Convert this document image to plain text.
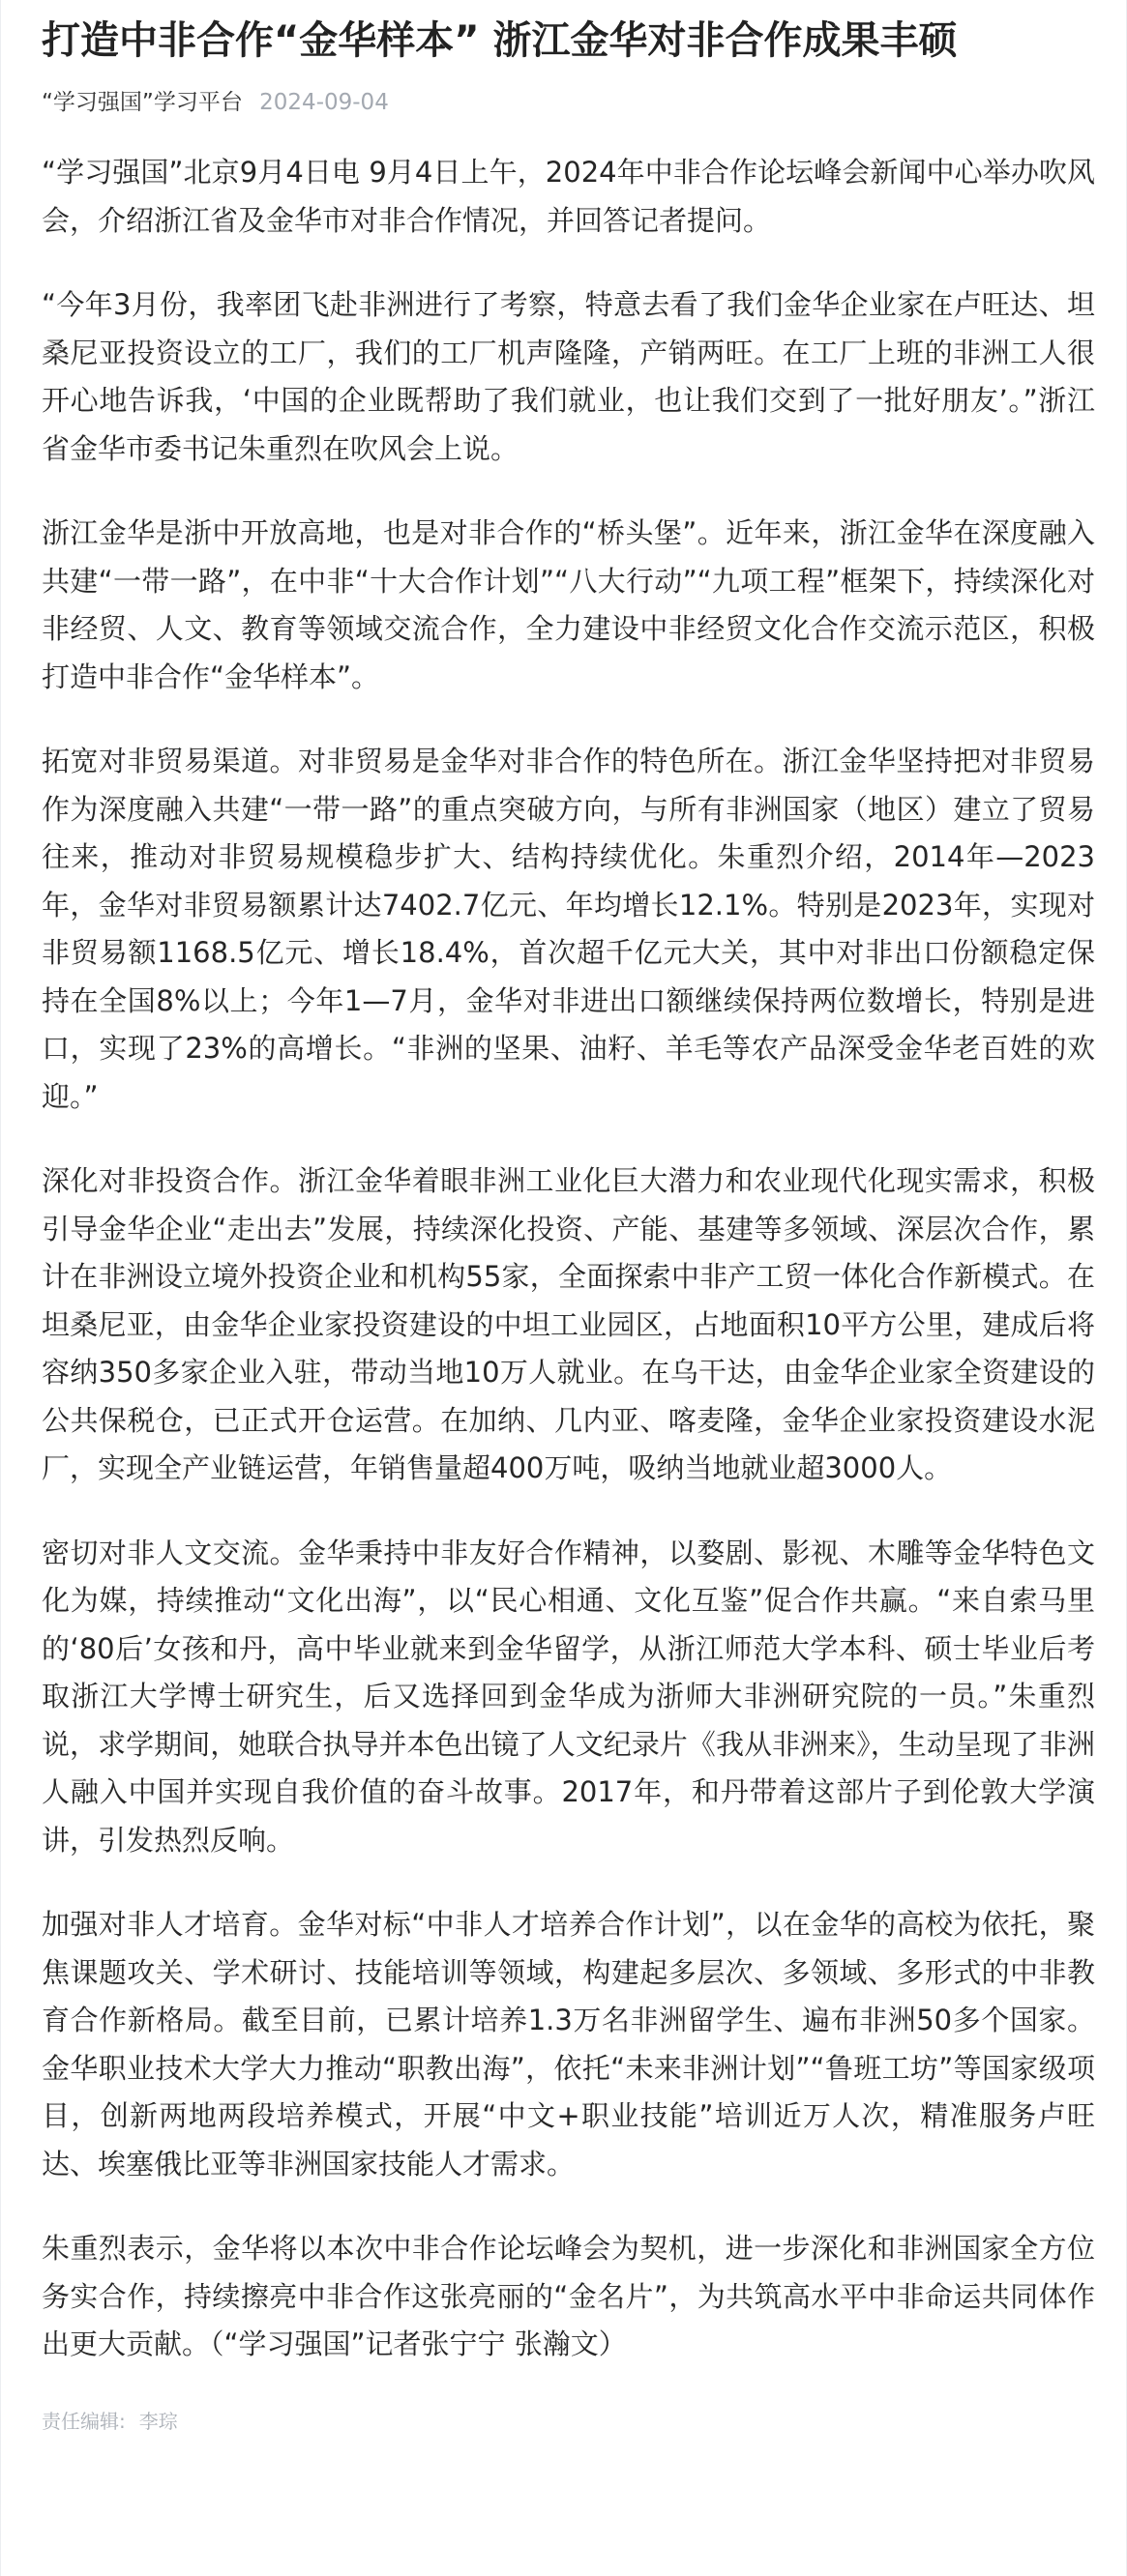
打造中非合作“金华样本” 浙江金华对非合作成果丰硕
“学习强国”学习平台 2024-09-04

“学习强国”北京9月4日电 9月4日上午，2024年中非合作论坛峰会新闻中心举办吹风会，介绍浙江省及金华市对非合作情况，并回答记者提问。

“今年3月份，我率团飞赴非洲进行了考察，特意去看了我们金华企业家在卢旺达、坦桑尼亚投资设立的工厂，我们的工厂机声隆隆，产销两旺。在工厂上班的非洲工人很开心地告诉我，‘中国的企业既帮助了我们就业，也让我们交到了一批好朋友’。”浙江省金华市委书记朱重烈在吹风会上说。

浙江金华是浙中开放高地，也是对非合作的“桥头堡”。近年来，浙江金华在深度融入共建“一带一路”，在中非“十大合作计划”“八大行动”“九项工程”框架下，持续深化对非经贸、人文、教育等领域交流合作，全力建设中非经贸文化合作交流示范区，积极打造中非合作“金华样本”。

拓宽对非贸易渠道。对非贸易是金华对非合作的特色所在。浙江金华坚持把对非贸易作为深度融入共建“一带一路”的重点突破方向，与所有非洲国家（地区）建立了贸易往来，推动对非贸易规模稳步扩大、结构持续优化。朱重烈介绍，2014年—2023年，金华对非贸易额累计达7402.7亿元、年均增长12.1%。特别是2023年，实现对非贸易额1168.5亿元、增长18.4%，首次超千亿元大关，其中对非出口份额稳定保持在全国8%以上；今年1—7月，金华对非进出口额继续保持两位数增长，特别是进口，实现了23%的高增长。“非洲的坚果、油籽、羊毛等农产品深受金华老百姓的欢迎。”

深化对非投资合作。浙江金华着眼非洲工业化巨大潜力和农业现代化现实需求，积极引导金华企业“走出去”发展，持续深化投资、产能、基建等多领域、深层次合作，累计在非洲设立境外投资企业和机构55家，全面探索中非产工贸一体化合作新模式。在坦桑尼亚，由金华企业家投资建设的中坦工业园区，占地面积10平方公里，建成后将容纳350多家企业入驻，带动当地10万人就业。在乌干达，由金华企业家全资建设的公共保税仓，已正式开仓运营。在加纳、几内亚、喀麦隆，金华企业家投资建设水泥厂，实现全产业链运营，年销售量超400万吨，吸纳当地就业超3000人。

密切对非人文交流。金华秉持中非友好合作精神，以婺剧、影视、木雕等金华特色文化为媒，持续推动“文化出海”，以“民心相通、文化互鉴”促合作共赢。“来自索马里的‘80后’女孩和丹，高中毕业就来到金华留学，从浙江师范大学本科、硕士毕业后考取浙江大学博士研究生，后又选择回到金华成为浙师大非洲研究院的一员。”朱重烈说，求学期间，她联合执导并本色出镜了人文纪录片《我从非洲来》，生动呈现了非洲人融入中国并实现自我价值的奋斗故事。2017年，和丹带着这部片子到伦敦大学演讲，引发热烈反响。

加强对非人才培育。金华对标“中非人才培养合作计划”，以在金华的高校为依托，聚焦课题攻关、学术研讨、技能培训等领域，构建起多层次、多领域、多形式的中非教育合作新格局。截至目前，已累计培养1.3万名非洲留学生、遍布非洲50多个国家。金华职业技术大学大力推动“职教出海”，依托“未来非洲计划”“鲁班工坊”等国家级项目，创新两地两段培养模式，开展“中文+职业技能”培训近万人次，精准服务卢旺达、埃塞俄比亚等非洲国家技能人才需求。

朱重烈表示，金华将以本次中非合作论坛峰会为契机，进一步深化和非洲国家全方位务实合作，持续擦亮中非合作这张亮丽的“金名片”，为共筑高水平中非命运共同体作出更大贡献。（“学习强国”记者张宁宁 张瀚文）

责任编辑: 李琮
